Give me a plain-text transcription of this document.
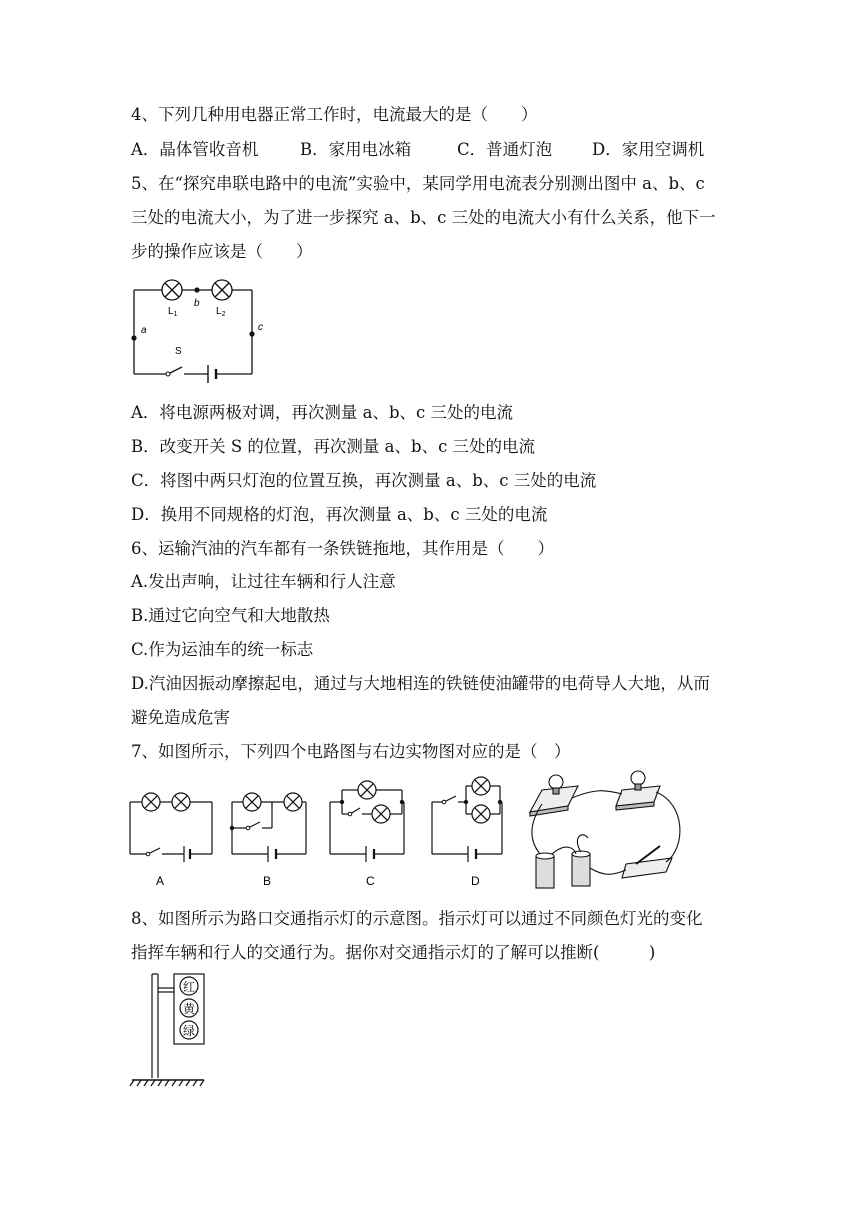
4、下列几种用电器正常工作时，电流最大的是（　　）
A．晶体管收音机	B．家用电冰箱	C．普通灯泡 D．家用空调机
5、在“探究串联电路中的电流”实验中，某同学用电流表分别测出图中 a、b、c
三处的电流大小，为了进一步探究 a、b、c 三处的电流大小有什么关系，他下一
步的操作应该是（　　）
b
a	c
$L_1$	$L_2$
S
A．将电源两极对调，再次测量 a、b、c 三处的电流
B．改变开关 S 的位置，再次测量 a、b、c 三处的电流
C．将图中两只灯泡的位置互换，再次测量 a、b、c 三处的电流
D．换用不同规格的灯泡，再次测量 a、b、c 三处的电流
6、运输汽油的汽车都有一条铁链拖地，其作用是（　　）
A.发出声响，让过往车辆和行人注意
B.通过它向空气和大地散热
C.作为运油车的统一标志
D.汽油因振动摩擦起电，通过与大地相连的铁链使油罐带的电荷导人大地，从而
避免造成危害
7、如图所示，下列四个电路图与右边实物图对应的是（　）
A	B	C	D
8、如图所示为路口交通指示灯的示意图。指示灯可以通过不同颜色灯光的变化
指挥车辆和行人的交通行为。据你对交通指示灯的了解可以推断(　　　)
红
黄
绿
